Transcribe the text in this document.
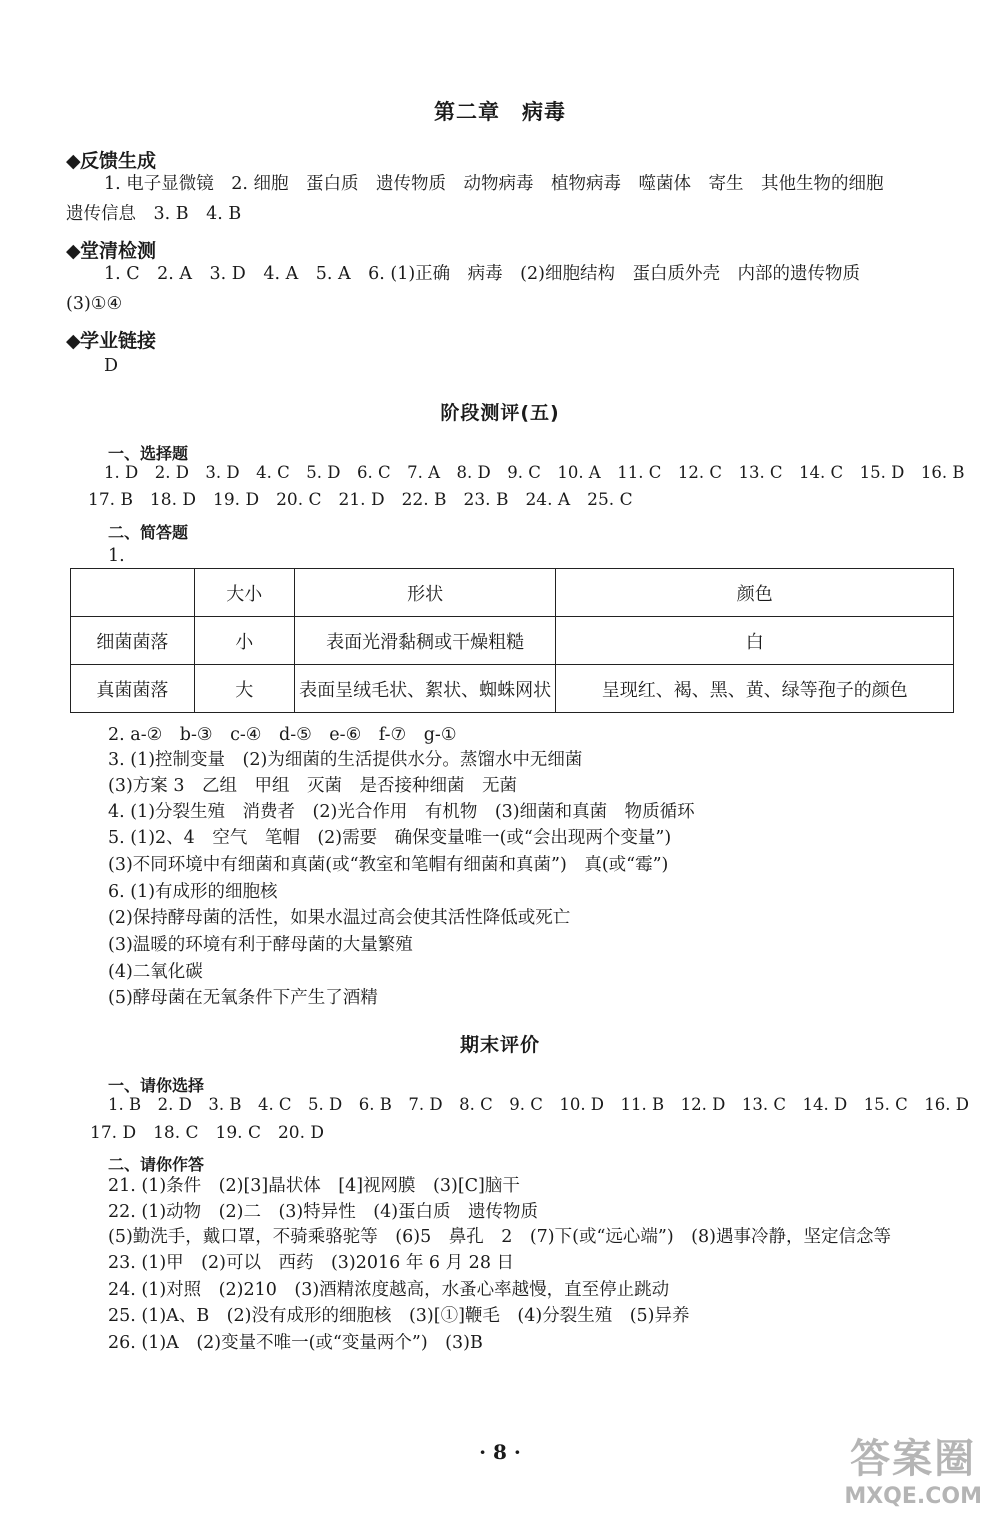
第二章　病毒
◆反馈生成
1. 电子显微镜　2. 细胞　蛋白质　遗传物质　动物病毒　植物病毒　噬菌体　寄生　其他生物的细胞
遗传信息　3. B　4. B
◆堂清检测
1. C　2. A　3. D　4. A　5. A　6. (1)正确　病毒　(2)细胞结构　蛋白质外壳　内部的遗传物质
(3)①④
◆学业链接
D
阶段测评(五)
一、选择题
1. D　2. D　3. D　4. C　5. D　6. C　7. A　8. D　9. C　10. A　11. C　12. C　13. C　14. C　15. D　16. B
17. B　18. D　19. D　20. C　21. D　22. B　23. B　24. A　25. C
二、简答题
1.
	大小	形状	颜色
细菌菌落	小	表面光滑黏稠或干燥粗糙	白
真菌菌落	大	表面呈绒毛状、絮状、蜘蛛网状	呈现红、褐、黑、黄、绿等孢子的颜色
2. a-②　b-③　c-④　d-⑤　e-⑥　f-⑦　g-①
3. (1)控制变量　(2)为细菌的生活提供水分。蒸馏水中无细菌
(3)方案 3　乙组　甲组　灭菌　是否接种细菌　无菌
4. (1)分裂生殖　消费者　(2)光合作用　有机物　(3)细菌和真菌　物质循环
5. (1)2、4　空气　笔帽　(2)需要　确保变量唯一(或“会出现两个变量”)
(3)不同环境中有细菌和真菌(或“教室和笔帽有细菌和真菌”)　真(或“霉”)
6. (1)有成形的细胞核
(2)保持酵母菌的活性，如果水温过高会使其活性降低或死亡
(3)温暖的环境有利于酵母菌的大量繁殖
(4)二氧化碳
(5)酵母菌在无氧条件下产生了酒精
期末评价
一、请你选择
1. B　2. D　3. B　4. C　5. D　6. B　7. D　8. C　9. C　10. D　11. B　12. D　13. C　14. D　15. C　16. D
17. D　18. C　19. C　20. D
二、请你作答
21. (1)条件　(2)[3]晶状体　[4]视网膜　(3)[C]脑干
22. (1)动物　(2)二　(3)特异性　(4)蛋白质　遗传物质
(5)勤洗手，戴口罩，不骑乘骆驼等　(6)5　鼻孔　2　(7)下(或“远心端”)　(8)遇事冷静，坚定信念等
23. (1)甲　(2)可以　西药　(3)2016 年 6 月 28 日
24. (1)对照　(2)210　(3)酒精浓度越高，水蚤心率越慢，直至停止跳动
25. (1)A、B　(2)没有成形的细胞核　(3)[①]鞭毛　(4)分裂生殖　(5)异养
26. (1)A　(2)变量不唯一(或“变量两个”)　(3)B
· 8 ·	答案圈
MXQE.COM
